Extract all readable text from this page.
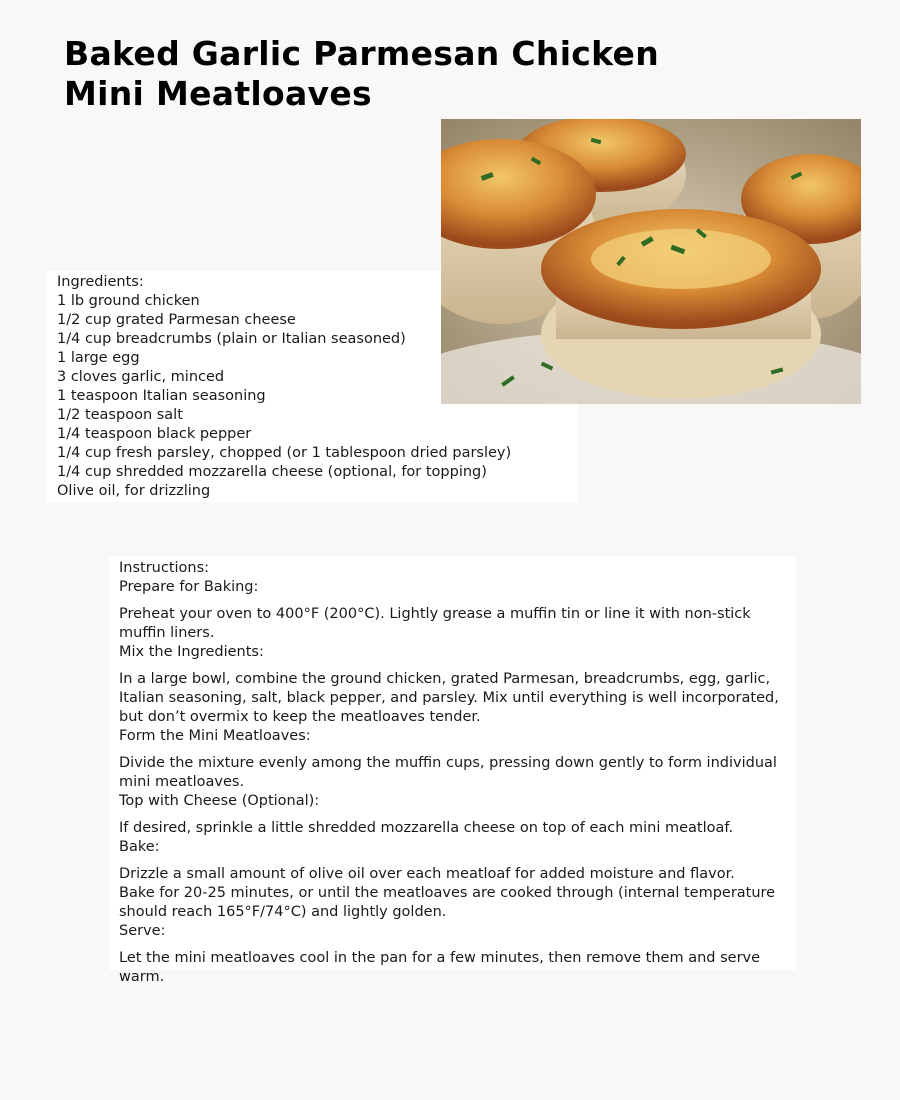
Baked Garlic Parmesan Chicken
Mini Meatloaves
Ingredients:
1 lb ground chicken
1/2 cup grated Parmesan cheese
1/4 cup breadcrumbs (plain or Italian seasoned)
1 large egg
3 cloves garlic, minced
1 teaspoon Italian seasoning
1/2 teaspoon salt
1/4 teaspoon black pepper
1/4 cup fresh parsley, chopped (or 1 tablespoon dried parsley)
1/4 cup shredded mozzarella cheese (optional, for topping)
Olive oil, for drizzling
Instructions:
Prepare for Baking:
Preheat your oven to 400°F (200°C). Lightly grease a muffin tin or line it with non-stick muffin liners.
Mix the Ingredients:
In a large bowl, combine the ground chicken, grated Parmesan, breadcrumbs, egg, garlic, Italian seasoning, salt, black pepper, and parsley. Mix until everything is well incorporated, but don’t overmix to keep the meatloaves tender.
Form the Mini Meatloaves:
Divide the mixture evenly among the muffin cups, pressing down gently to form individual mini meatloaves.
Top with Cheese (Optional):
If desired, sprinkle a little shredded mozzarella cheese on top of each mini meatloaf.
Bake:
Drizzle a small amount of olive oil over each meatloaf for added moisture and flavor.
Bake for 20-25 minutes, or until the meatloaves are cooked through (internal temperature should reach 165°F/74°C) and lightly golden.
Serve:
Let the mini meatloaves cool in the pan for a few minutes, then remove them and serve warm.
